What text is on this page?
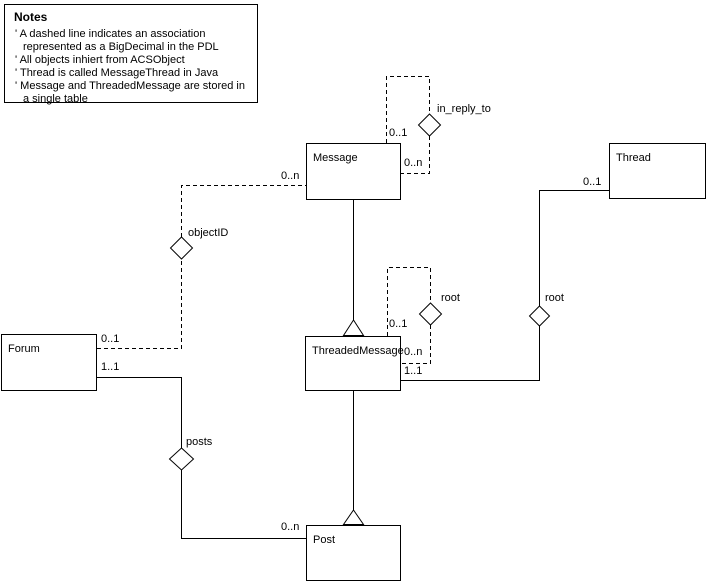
Notes
' A dashed line indicates an association represented as a BigDecimal in the PDL
' All objects inhiert from ACSObject
' Thread is called MessageThread in Java
' Message and ThreadedMessage are stored in a single table
Message	Thread
ThreadedMessage
Forum
Post
in_reply_to
objectID
root	root
posts
0..1
0..n
0..n	0..1
0..1
0..n
1..1
0..1
1..1
0..n
